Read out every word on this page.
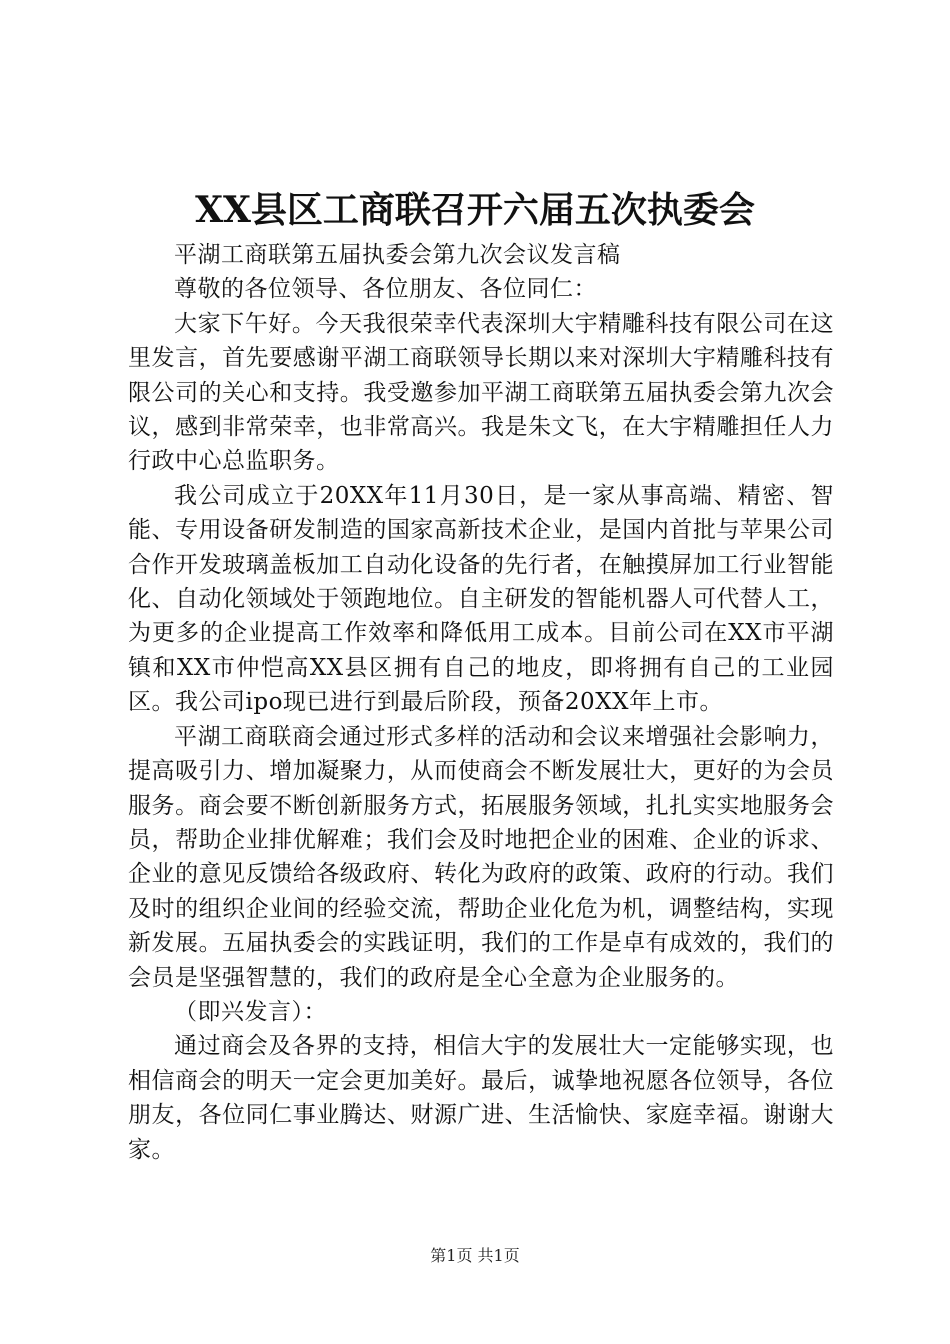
XX县区工商联召开六届五次执委会

平湖工商联第五届执委会第九次会议发言稿

尊敬的各位领导、各位朋友、各位同仁：

大家下午好。今天我很荣幸代表深圳大宇精雕科技有限公司在这里发言，首先要感谢平湖工商联领导长期以来对深圳大宇精雕科技有限公司的关心和支持。我受邀参加平湖工商联第五届执委会第九次会议，感到非常荣幸，也非常高兴。我是朱文飞，在大宇精雕担任人力行政中心总监职务。

我公司成立于20XX年11月30日，是一家从事高端、精密、智能、专用设备研发制造的国家高新技术企业，是国内首批与苹果公司合作开发玻璃盖板加工自动化设备的先行者，在触摸屏加工行业智能化、自动化领域处于领跑地位。自主研发的智能机器人可代替人工，为更多的企业提高工作效率和降低用工成本。目前公司在XX市平湖镇和XX市仲恺高XX县区拥有自己的地皮，即将拥有自己的工业园区。我公司ipo现已进行到最后阶段，预备20XX年上市。

平湖工商联商会通过形式多样的活动和会议来增强社会影响力，提高吸引力、增加凝聚力，从而使商会不断发展壮大，更好的为会员服务。商会要不断创新服务方式，拓展服务领域，扎扎实实地服务会员，帮助企业排优解难；我们会及时地把企业的困难、企业的诉求、企业的意见反馈给各级政府、转化为政府的政策、政府的行动。我们及时的组织企业间的经验交流，帮助企业化危为机，调整结构，实现新发展。五届执委会的实践证明，我们的工作是卓有成效的，我们的会员是坚强智慧的，我们的政府是全心全意为企业服务的。

（即兴发言）：

通过商会及各界的支持，相信大宇的发展壮大一定能够实现，也相信商会的明天一定会更加美好。最后，诚挚地祝愿各位领导，各位朋友，各位同仁事业腾达、财源广进、生活愉快、家庭幸福。谢谢大家。

第1页 共1页
